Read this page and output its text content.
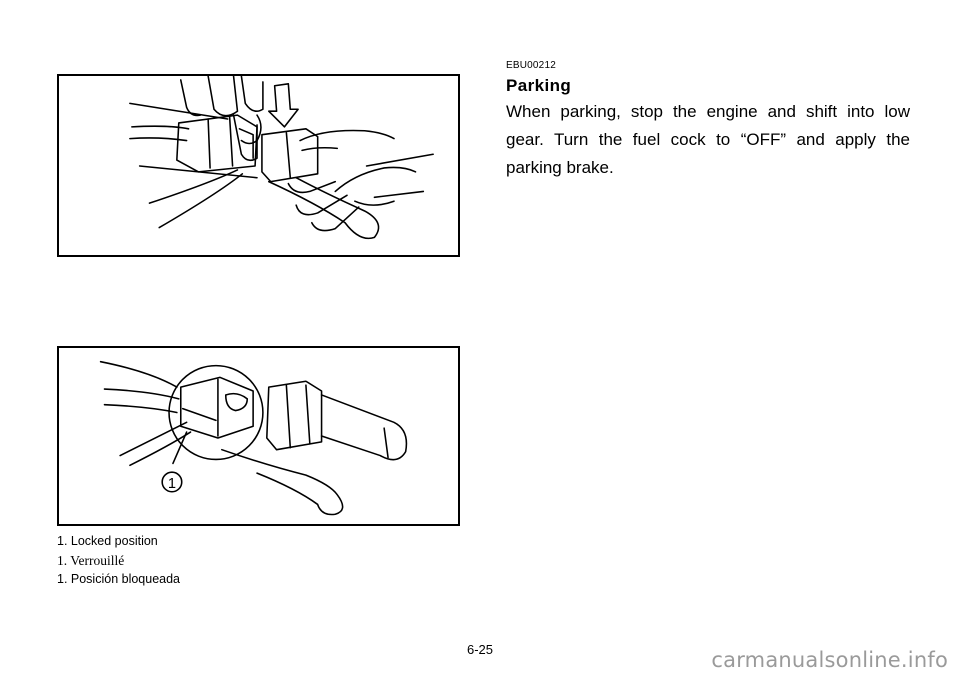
1
1. Locked position
1. Verrouillé
1. Posición bloqueada
EBU00212
Parking

When parking, stop the engine and shift into low gear. Turn the fuel cock to “OFF” and apply the parking brake.

6-25	carmanualsonline.info
